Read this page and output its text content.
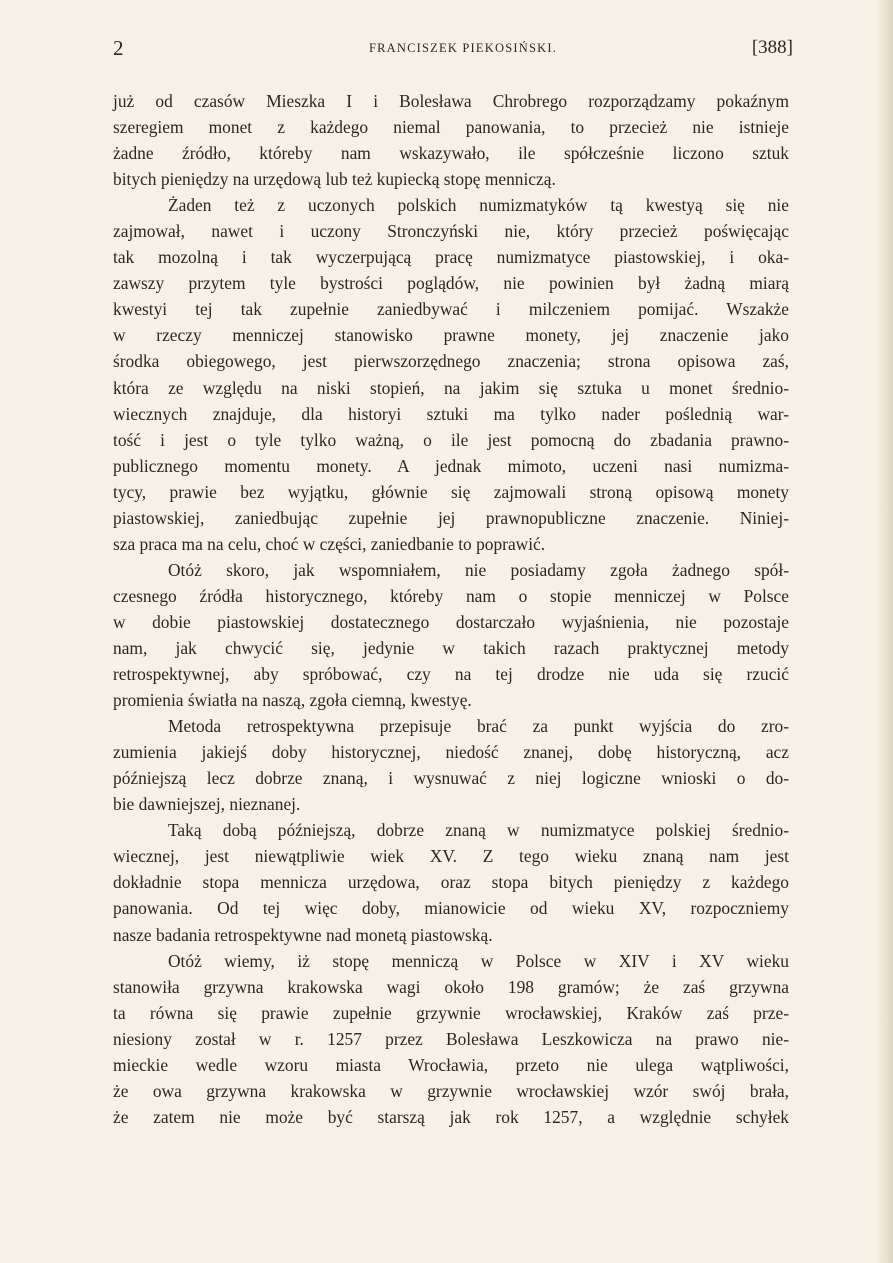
2	FRANCISZEK PIEKOSIŃSKI.	[388]
już od czasów Mieszka I i Bolesława Chrobrego rozporządzamy pokaźnym
szeregiem monet z każdego niemal panowania, to przecież nie istnieje
żadne źródło, któreby nam wskazywało, ile spółcześnie liczono sztuk
bitych pieniędzy na urzędową lub też kupiecką stopę menniczą.
Żaden też z uczonych polskich numizmatyków tą kwestyą się nie
zajmował, nawet i uczony Stronczyński nie, który przecież poświęcając
tak mozolną i tak wyczerpującą pracę numizmatyce piastowskiej, i oka-
zawszy przytem tyle bystrości poglądów, nie powinien był żadną miarą
kwestyi tej tak zupełnie zaniedbywać i milczeniem pomijać. Wszakże
w rzeczy menniczej stanowisko prawne monety, jej znaczenie jako
środka obiegowego, jest pierwszorzędnego znaczenia; strona opisowa zaś,
która ze względu na niski stopień, na jakim się sztuka u monet średnio-
wiecznych znajduje, dla historyi sztuki ma tylko nader poślednią war-
tość i jest o tyle tylko ważną, o ile jest pomocną do zbadania prawno-
publicznego momentu monety. A jednak mimoto, uczeni nasi numizma-
tycy, prawie bez wyjątku, głównie się zajmowali stroną opisową monety
piastowskiej, zaniedbując zupełnie jej prawnopubliczne znaczenie. Niniej-
sza praca ma na celu, choć w części, zaniedbanie to poprawić.
Otóż skoro, jak wspomniałem, nie posiadamy zgoła żadnego spół-
czesnego źródła historycznego, któreby nam o stopie menniczej w Polsce
w dobie piastowskiej dostatecznego dostarczało wyjaśnienia, nie pozostaje
nam, jak chwycić się, jedynie w takich razach praktycznej metody
retrospektywnej, aby spróbować, czy na tej drodze nie uda się rzucić
promienia światła na naszą, zgoła ciemną, kwestyę.
Metoda retrospektywna przepisuje brać za punkt wyjścia do zro-
zumienia jakiejś doby historycznej, niedość znanej, dobę historyczną, acz
późniejszą lecz dobrze znaną, i wysnuwać z niej logiczne wnioski o do-
bie dawniejszej, nieznanej.
Taką dobą późniejszą, dobrze znaną w numizmatyce polskiej średnio-
wiecznej, jest niewątpliwie wiek XV. Z tego wieku znaną nam jest
dokładnie stopa mennicza urzędowa, oraz stopa bitych pieniędzy z każdego
panowania. Od tej więc doby, mianowicie od wieku XV, rozpoczniemy
nasze badania retrospektywne nad monetą piastowską.
Otóż wiemy, iż stopę menniczą w Polsce w XIV i XV wieku
stanowiła grzywna krakowska wagi około 198 gramów; że zaś grzywna
ta równa się prawie zupełnie grzywnie wrocławskiej, Kraków zaś prze-
niesiony został w r. 1257 przez Bolesława Leszkowicza na prawo nie-
mieckie wedle wzoru miasta Wrocławia, przeto nie ulega wątpliwości,
że owa grzywna krakowska w grzywnie wrocławskiej wzór swój brała,
że zatem nie może być starszą jak rok 1257, a względnie schyłek
